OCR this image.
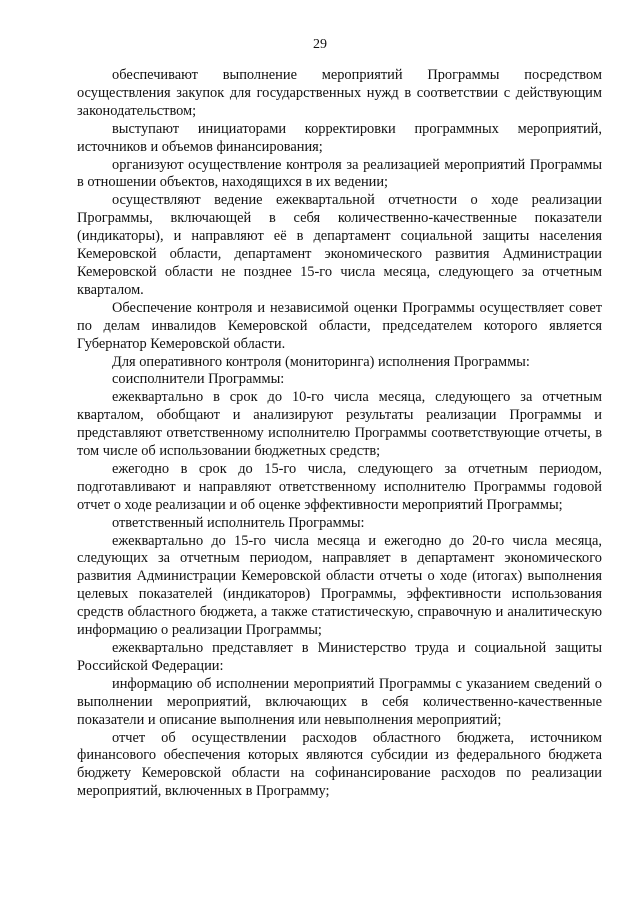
29

обеспечивают выполнение мероприятий Программы посредством осуществления закупок для государственных нужд в соответствии с действующим законодательством;

выступают инициаторами корректировки программных мероприятий, источников и объемов финансирования;

организуют осуществление контроля за реализацией мероприятий Программы в отношении объектов, находящихся в их ведении;

осуществляют ведение ежеквартальной отчетности о ходе реализации Программы, включающей в себя количественно-качественные показатели (индикаторы), и направляют её в департамент социальной защиты населения Кемеровской области, департамент экономического развития Администрации Кемеровской области не позднее 15-го числа месяца, следующего за отчетным кварталом.

Обеспечение контроля и независимой оценки Программы осуществляет совет по делам инвалидов Кемеровской области, председателем которого является Губернатор Кемеровской области.

Для оперативного контроля (мониторинга) исполнения Программы:

соисполнители Программы:

ежеквартально в срок до 10-го числа месяца, следующего за отчетным кварталом, обобщают и анализируют результаты реализации Программы и представляют ответственному исполнителю Программы соответствующие отчеты, в том числе об использовании бюджетных средств;

ежегодно в срок до 15-го числа, следующего за отчетным периодом, подготавливают и направляют ответственному исполнителю Программы годовой отчет о ходе реализации и об оценке эффективности мероприятий Программы;

ответственный исполнитель Программы:

ежеквартально до 15-го числа месяца и ежегодно до 20-го числа месяца, следующих за отчетным периодом, направляет в департамент экономического развития Администрации Кемеровской области отчеты о ходе (итогах) выполнения целевых показателей (индикаторов) Программы, эффективности использования средств областного бюджета, а также статистическую, справочную и аналитическую информацию о реализации Программы;

ежеквартально представляет в Министерство труда и социальной защиты Российской Федерации:

информацию об исполнении мероприятий Программы с указанием сведений о выполнении мероприятий, включающих в себя количественно-качественные показатели и описание выполнения или невыполнения мероприятий;

отчет об осуществлении расходов областного бюджета, источником финансового обеспечения которых являются субсидии из федерального бюджета бюджету Кемеровской области на софинансирование расходов по реализации мероприятий, включенных в Программу;
